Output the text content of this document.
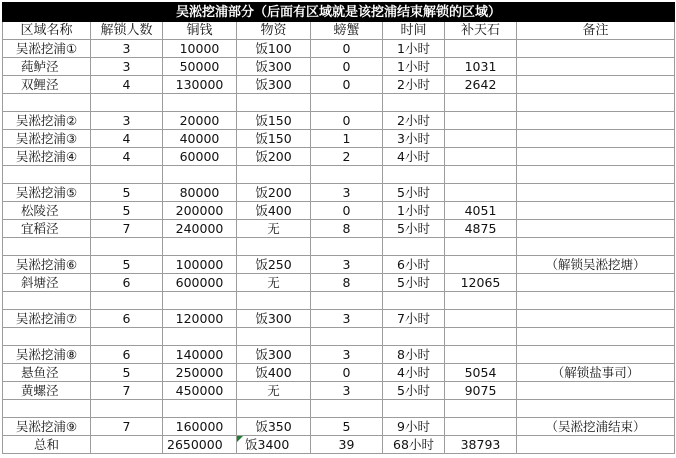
吴淞挖浦部分（后面有区域就是该挖浦结束解锁的区域）							
区域名称	解锁人数	铜钱	物资	螃蟹	时间	补天石	备注
吴淞挖浦①	3	10000	饭100	0	1小时		
莼鲈泾	3	50000	饭300	0	1小时	1031	
双鲤泾	4	130000	饭300	0	2小时	2642	

吴淞挖浦②	3	20000	饭150	0	2小时		
吴淞挖浦③	4	40000	饭150	1	3小时		
吴淞挖浦④	4	60000	饭200	2	4小时		

吴淞挖浦⑤	5	80000	饭200	3	5小时		
松陵泾	5	200000	饭400	0	1小时	4051	
宜稻泾	7	240000	无	8	5小时	4875	

吴淞挖浦⑥	5	100000	饭250	3	6小时		（解锁吴淞挖塘）
斜塘泾	6	600000	无	8	5小时	12065	

吴淞挖浦⑦	6	120000	饭300	3	7小时		

吴淞挖浦⑧	6	140000	饭300	3	8小时		
悬鱼泾	5	250000	饭400	0	4小时	5054	（解锁盐事司）
黄螺泾	7	450000	无	3	5小时	9075	

吴淞挖浦⑨	7	160000	饭350	5	9小时		（吴淞挖浦结束）
总和		2650000	饭3400	39	68小时	38793	
